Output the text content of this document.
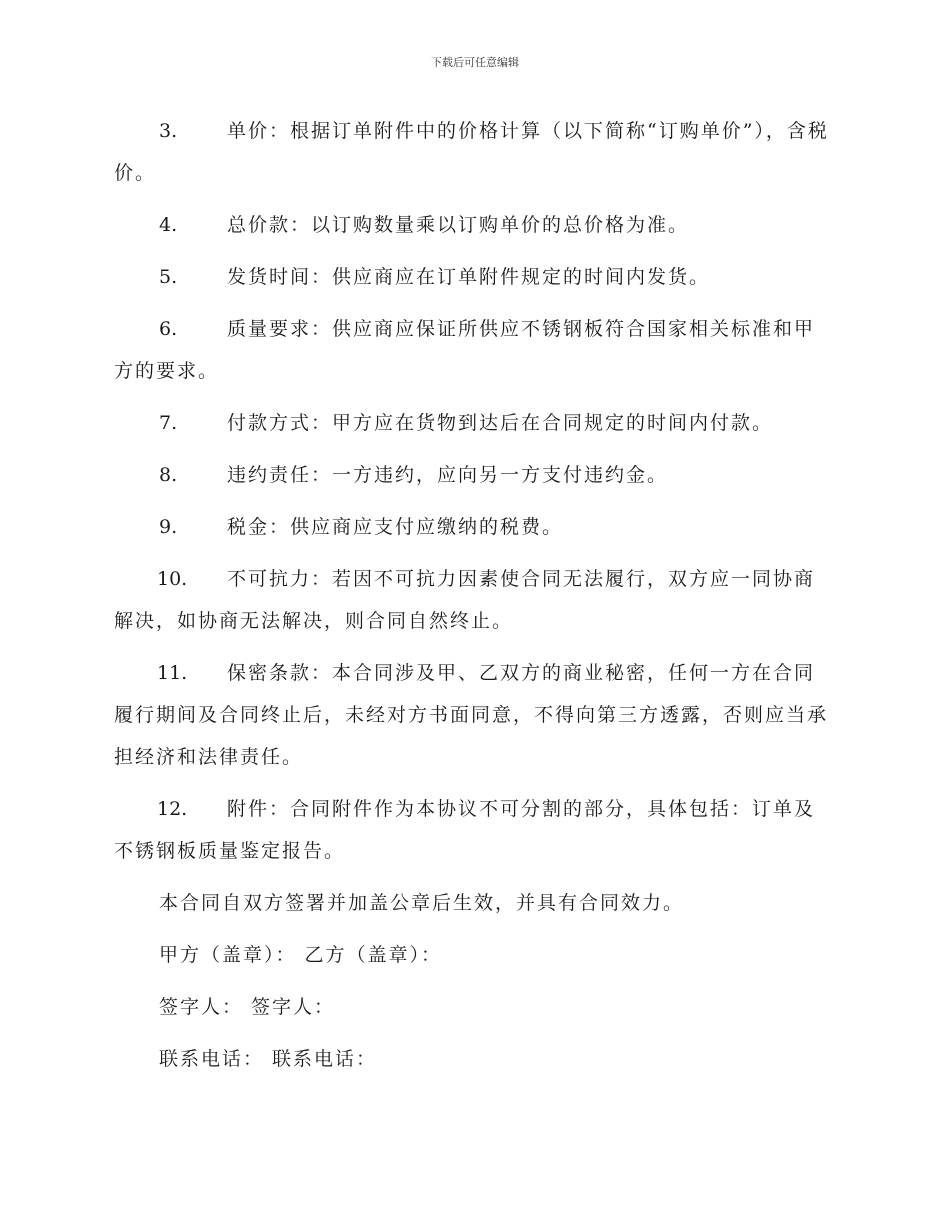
下载后可任意编辑
3.	单价：根据订单附件中的价格计算（以下简称“订购单价”），含税价。
4.	总价款：以订购数量乘以订购单价的总价格为准。
5.	发货时间：供应商应在订单附件规定的时间内发货。
6.	质量要求：供应商应保证所供应不锈钢板符合国家相关标准和甲方的要求。
7.	付款方式：甲方应在货物到达后在合同规定的时间内付款。
8.	违约责任：一方违约，应向另一方支付违约金。
9.	税金：供应商应支付应缴纳的税费。
10. 不可抗力：若因不可抗力因素使合同无法履行，双方应一同协商解决，如协商无法解决，则合同自然终止。
11. 保密条款：本合同涉及甲、乙双方的商业秘密，任何一方在合同履行期间及合同终止后，未经对方书面同意，不得向第三方透露，否则应当承担经济和法律责任。
12. 附件：合同附件作为本协议不可分割的部分，具体包括：订单及不锈钢板质量鉴定报告。
本合同自双方签署并加盖公章后生效，并具有合同效力。
甲方（盖章）： 乙方（盖章）：
签字人： 签字人：
联系电话： 联系电话：
